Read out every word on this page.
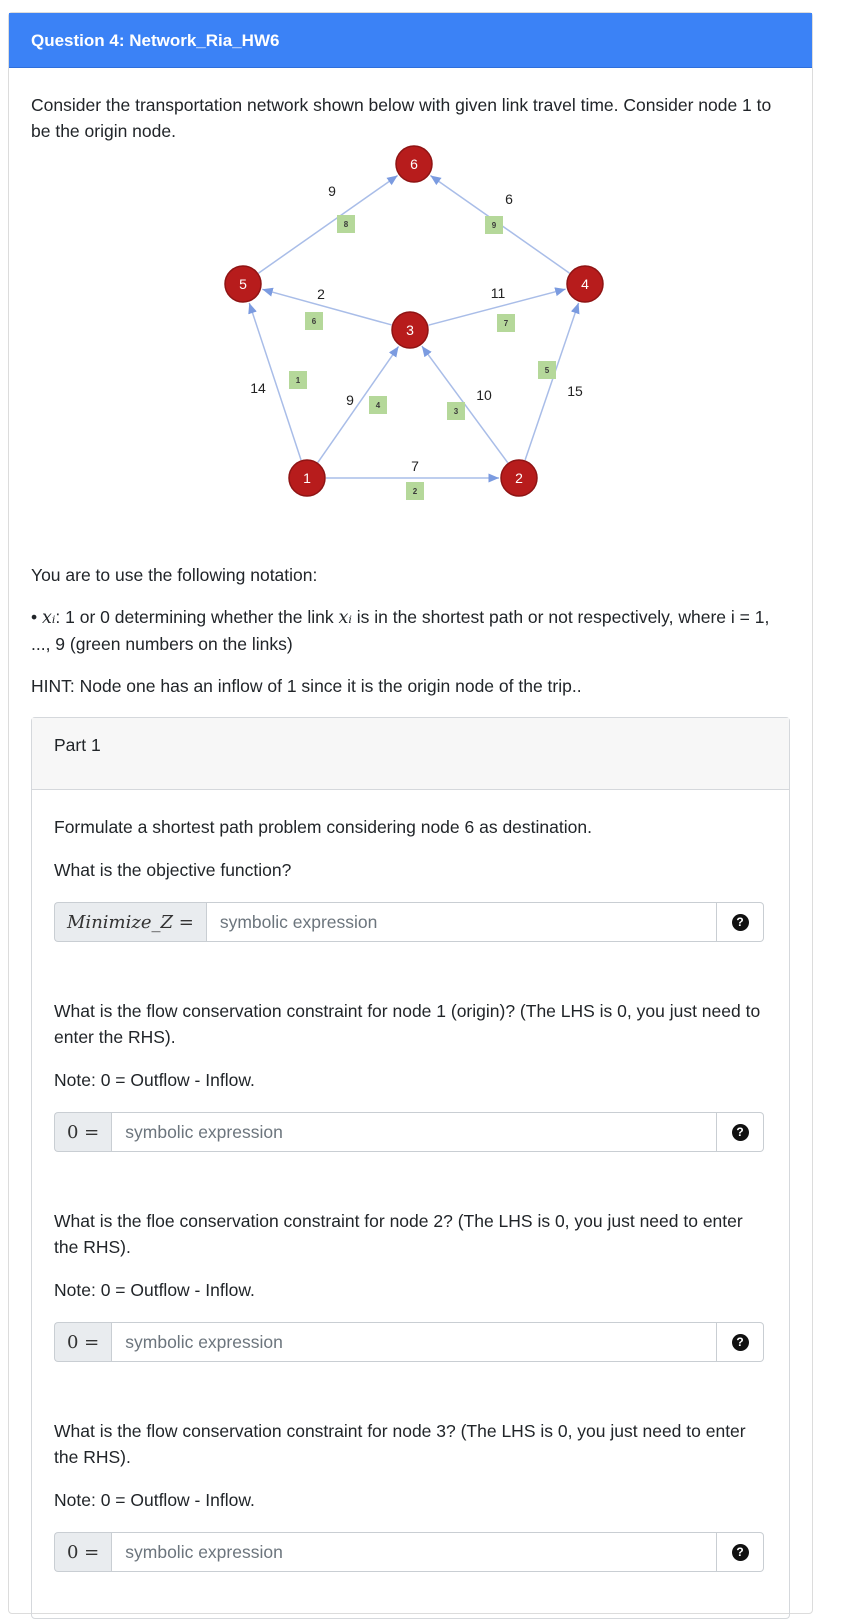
Question 4: Network_Ria_HW6

Consider the transportation network shown below with given link travel time. Consider node 1 to be the origin node.

14	1
7
2
10
3
9	4
15
5
2
6
11
7
9
8
6
9
1	2
3
4
5
6

You are to use the following notation:

• xᵢ: 1 or 0 determining whether the link xᵢ is in the shortest path or not respectively, where i = 1, ..., 9 (green numbers on the links)

HINT: Node one has an inflow of 1 since it is the origin node of the trip..

Part 1

Formulate a shortest path problem considering node 6 as destination.

What is the objective function?

Minimize_Z =	symbolic expression	?

What is the flow conservation constraint for node 1 (origin)? (The LHS is 0, you just need to enter the RHS).

Note: 0 = Outflow - Inflow.

0 =	symbolic expression	?

What is the floe conservation constraint for node 2? (The LHS is 0, you just need to enter the RHS).

Note: 0 = Outflow - Inflow.

0 =	symbolic expression	?

What is the flow conservation constraint for node 3? (The LHS is 0, you just need to enter the RHS).

Note: 0 = Outflow - Inflow.

0 =	symbolic expression	?
